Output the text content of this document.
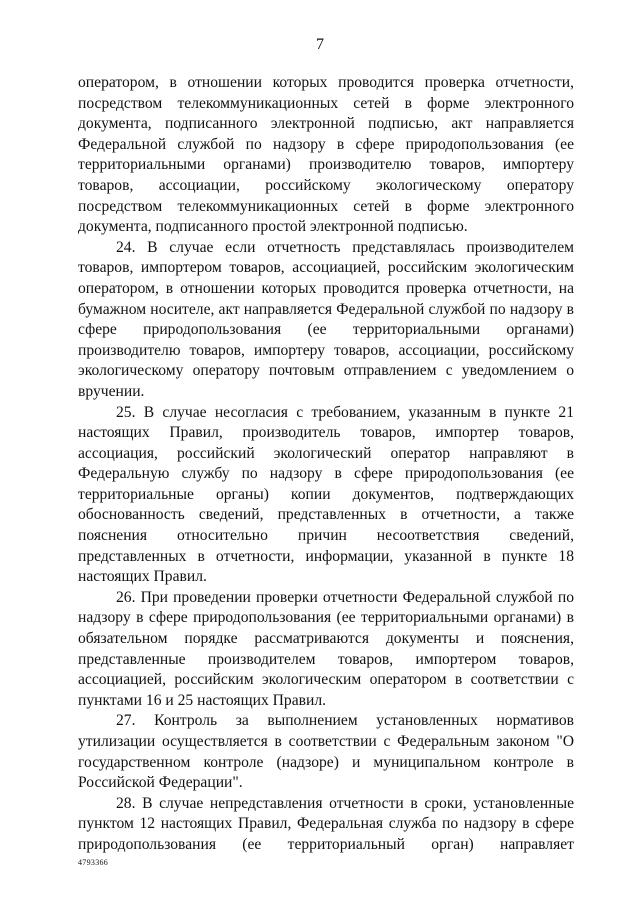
7

оператором, в отношении которых проводится проверка отчетности, посредством телекоммуникационных сетей в форме электронного документа, подписанного электронной подписью, акт направляется Федеральной службой по надзору в сфере природопользования (ее территориальными органами) производителю товаров, импортеру товаров, ассоциации, российскому экологическому оператору посредством телекоммуникационных сетей в форме электронного документа, подписанного простой электронной подписью.

24. В случае если отчетность представлялась производителем товаров, импортером товаров, ассоциацией, российским экологическим оператором, в отношении которых проводится проверка отчетности, на бумажном носителе, акт направляется Федеральной службой по надзору в сфере природопользования (ее территориальными органами) производителю товаров, импортеру товаров, ассоциации, российскому экологическому оператору почтовым отправлением с уведомлением о вручении.

25. В случае несогласия с требованием, указанным в пункте 21 настоящих Правил, производитель товаров, импортер товаров, ассоциация, российский экологический оператор направляют в Федеральную службу по надзору в сфере природопользования (ее территориальные органы) копии документов, подтверждающих обоснованность сведений, представленных в отчетности, а также пояснения относительно причин несоответствия сведений, представленных в отчетности, информации, указанной в пункте 18 настоящих Правил.

26. При проведении проверки отчетности Федеральной службой по надзору в сфере природопользования (ее территориальными органами) в обязательном порядке рассматриваются документы и пояснения, представленные производителем товаров, импортером товаров, ассоциацией, российским экологическим оператором в соответствии с пунктами 16 и 25 настоящих Правил.

27. Контроль за выполнением установленных нормативов утилизации осуществляется в соответствии с Федеральным законом "О государственном контроле (надзоре) и муниципальном контроле в Российской Федерации".

28. В случае непредставления отчетности в сроки, установленные пунктом 12 настоящих Правил, Федеральная служба по надзору в сфере природопользования (ее территориальный орган) направляет

4793366
